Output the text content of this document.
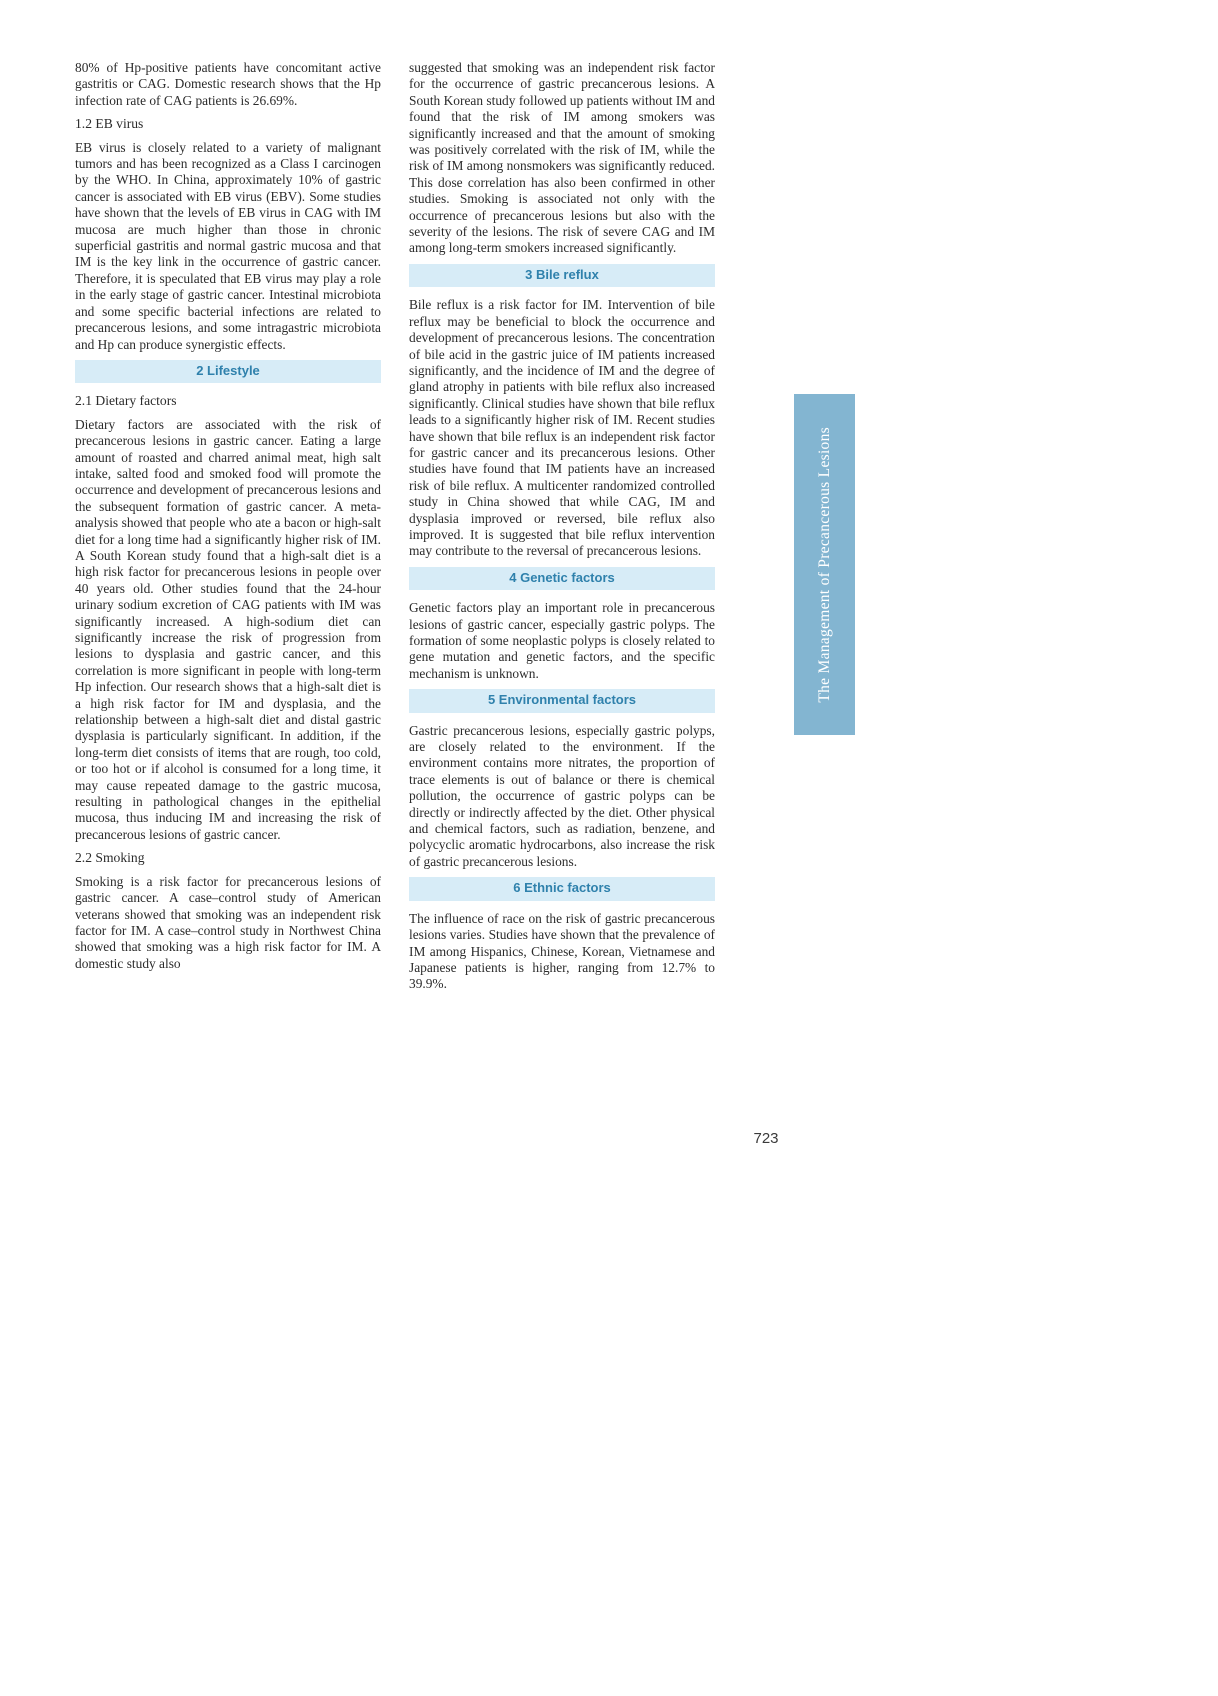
80% of Hp-positive patients have concomitant active gastritis or CAG. Domestic research shows that the Hp infection rate of CAG patients is 26.69%.

1.2 EB virus

EB virus is closely related to a variety of malignant tumors and has been recognized as a Class I carcinogen by the WHO. In China, approximately 10% of gastric cancer is associated with EB virus (EBV). Some studies have shown that the levels of EB virus in CAG with IM mucosa are much higher than those in chronic superficial gastritis and normal gastric mucosa and that IM is the key link in the occurrence of gastric cancer. Therefore, it is speculated that EB virus may play a role in the early stage of gastric cancer. Intestinal microbiota and some specific bacterial infections are related to precancerous lesions, and some intragastric microbiota and Hp can produce synergistic effects.

2 Lifestyle

2.1 Dietary factors

Dietary factors are associated with the risk of precancerous lesions in gastric cancer. Eating a large amount of roasted and charred animal meat, high salt intake, salted food and smoked food will promote the occurrence and development of precancerous lesions and the subsequent formation of gastric cancer. A meta-analysis showed that people who ate a bacon or high-salt diet for a long time had a significantly higher risk of IM. A South Korean study found that a high-salt diet is a high risk factor for precancerous lesions in people over 40 years old. Other studies found that the 24-hour urinary sodium excretion of CAG patients with IM was significantly increased. A high-sodium diet can significantly increase the risk of progression from lesions to dysplasia and gastric cancer, and this correlation is more significant in people with long-term Hp infection. Our research shows that a high-salt diet is a high risk factor for IM and dysplasia, and the relationship between a high-salt diet and distal gastric dysplasia is particularly significant. In addition, if the long-term diet consists of items that are rough, too cold, or too hot or if alcohol is consumed for a long time, it may cause repeated damage to the gastric mucosa, resulting in pathological changes in the epithelial mucosa, thus inducing IM and increasing the risk of precancerous lesions of gastric cancer.

2.2 Smoking

Smoking is a risk factor for precancerous lesions of gastric cancer. A case–control study of American veterans showed that smoking was an independent risk factor for IM. A case–control study in Northwest China showed that smoking was a high risk factor for IM. A domestic study also

suggested that smoking was an independent risk factor for the occurrence of gastric precancerous lesions. A South Korean study followed up patients without IM and found that the risk of IM among smokers was significantly increased and that the amount of smoking was positively correlated with the risk of IM, while the risk of IM among nonsmokers was significantly reduced. This dose correlation has also been confirmed in other studies. Smoking is associated not only with the occurrence of precancerous lesions but also with the severity of the lesions. The risk of severe CAG and IM among long-term smokers increased significantly.

3 Bile reflux

Bile reflux is a risk factor for IM. Intervention of bile reflux may be beneficial to block the occurrence and development of precancerous lesions. The concentration of bile acid in the gastric juice of IM patients increased significantly, and the incidence of IM and the degree of gland atrophy in patients with bile reflux also increased significantly. Clinical studies have shown that bile reflux leads to a significantly higher risk of IM. Recent studies have shown that bile reflux is an independent risk factor for gastric cancer and its precancerous lesions. Other studies have found that IM patients have an increased risk of bile reflux. A multicenter randomized controlled study in China showed that while CAG, IM and dysplasia improved or reversed, bile reflux also improved. It is suggested that bile reflux intervention may contribute to the reversal of precancerous lesions.

4 Genetic factors

Genetic factors play an important role in precancerous lesions of gastric cancer, especially gastric polyps. The formation of some neoplastic polyps is closely related to gene mutation and genetic factors, and the specific mechanism is unknown.

5 Environmental factors

Gastric precancerous lesions, especially gastric polyps, are closely related to the environment. If the environment contains more nitrates, the proportion of trace elements is out of balance or there is chemical pollution, the occurrence of gastric polyps can be directly or indirectly affected by the diet. Other physical and chemical factors, such as radiation, benzene, and polycyclic aromatic hydrocarbons, also increase the risk of gastric precancerous lesions.

6 Ethnic factors

The influence of race on the risk of gastric precancerous lesions varies. Studies have shown that the prevalence of IM among Hispanics, Chinese, Korean, Vietnamese and Japanese patients is higher, ranging from 12.7% to 39.9%.

The Management of Precancerous Lesions
723
